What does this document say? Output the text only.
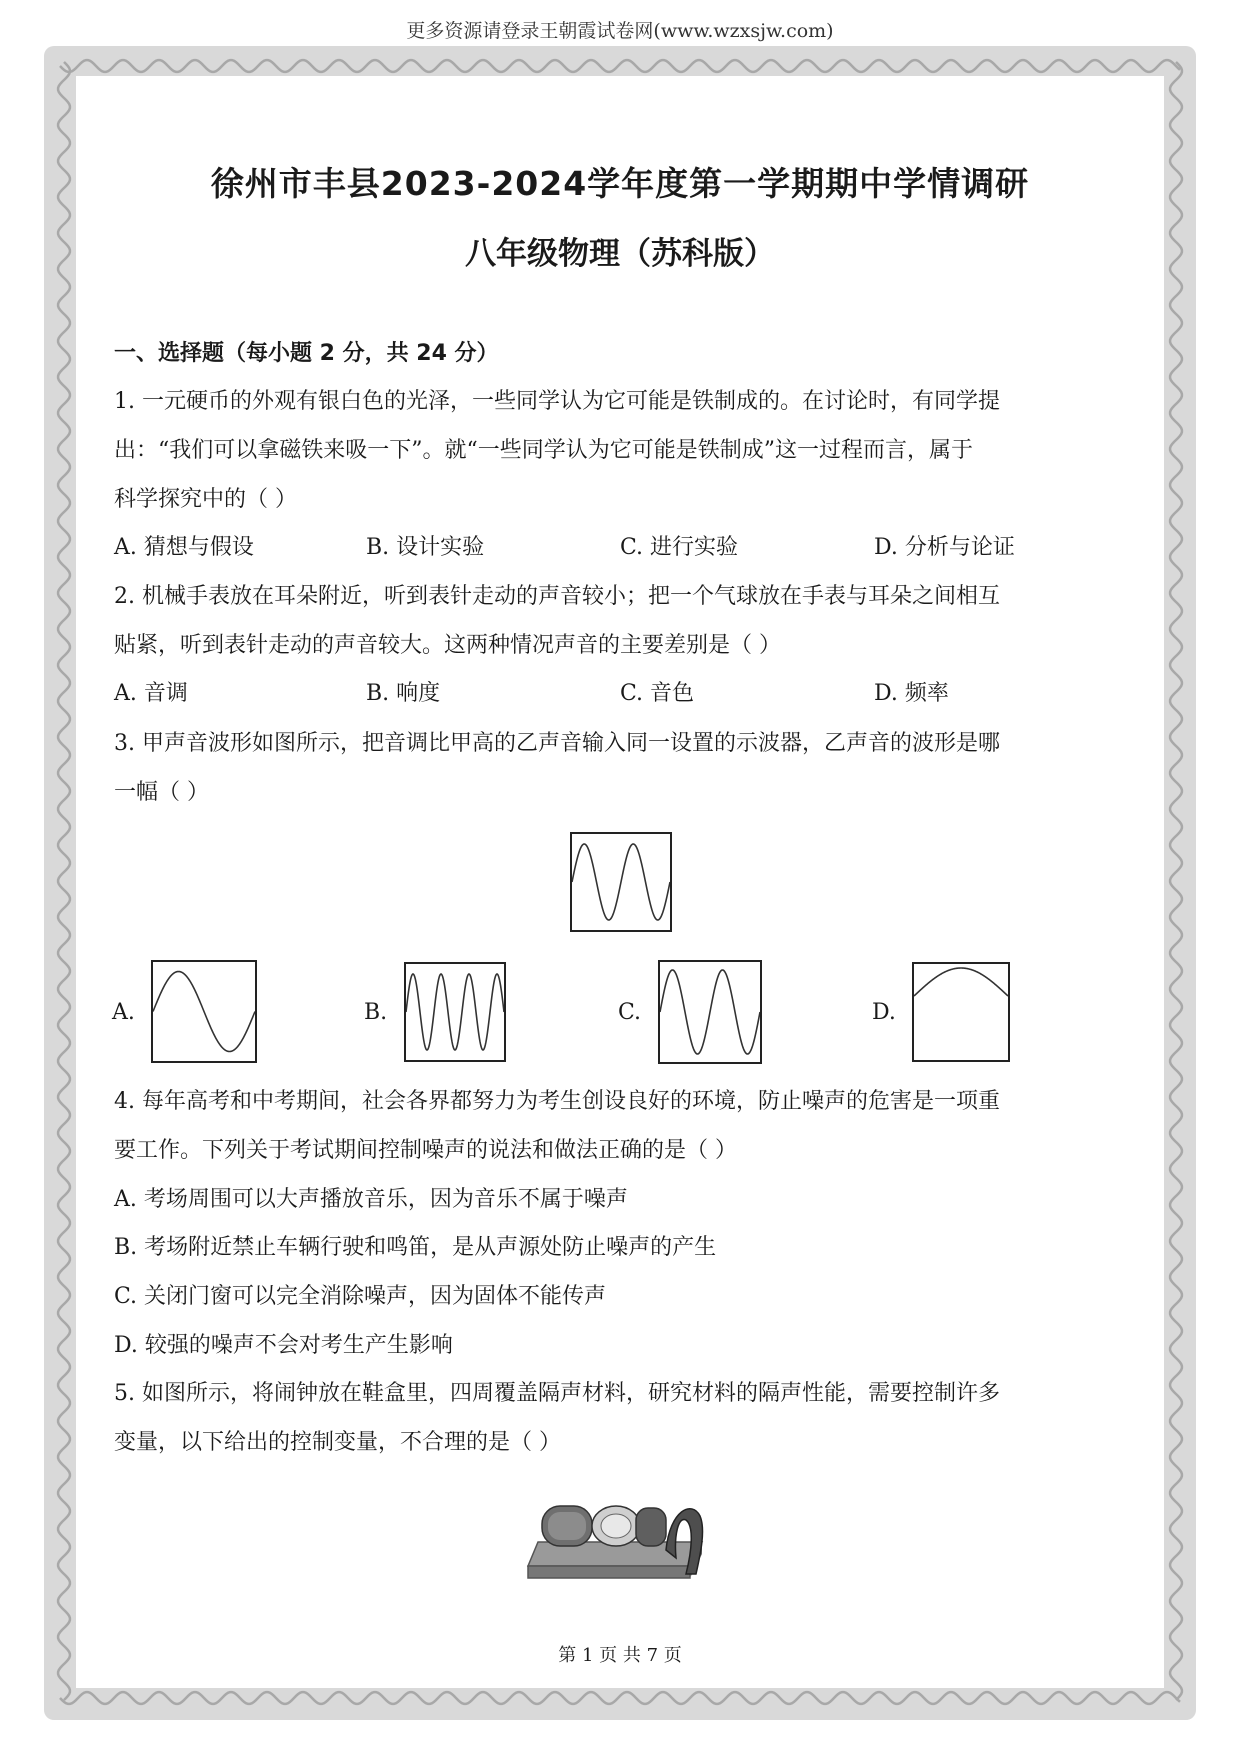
更多资源请登录王朝霞试卷网(www.wzxsjw.com)
徐州市丰县2023-2024学年度第一学期期中学情调研
八年级物理（苏科版）
一、选择题（每小题 2 分，共 24 分）
1. 一元硬币的外观有银白色的光泽，一些同学认为它可能是铁制成的。在讨论时，有同学提
出：“我们可以拿磁铁来吸一下”。就“一些同学认为它可能是铁制成”这一过程而言，属于
科学探究中的（ ）
A. 猜想与假设	B. 设计实验	C. 进行实验	D. 分析与论证
2. 机械手表放在耳朵附近，听到表针走动的声音较小；把一个气球放在手表与耳朵之间相互
贴紧，听到表针走动的声音较大。这两种情况声音的主要差别是（ ）
A. 音调	B. 响度	C. 音色	D. 频率
3. 甲声音波形如图所示，把音调比甲高的乙声音输入同一设置的示波器，乙声音的波形是哪
一幅（ ）
A.	B.	C.	D.
4. 每年高考和中考期间，社会各界都努力为考生创设良好的环境，防止噪声的危害是一项重
要工作。下列关于考试期间控制噪声的说法和做法正确的是（ ）
A. 考场周围可以大声播放音乐，因为音乐不属于噪声
B. 考场附近禁止车辆行驶和鸣笛，是从声源处防止噪声的产生
C. 关闭门窗可以完全消除噪声，因为固体不能传声
D. 较强的噪声不会对考生产生影响
5. 如图所示，将闹钟放在鞋盒里，四周覆盖隔声材料，研究材料的隔声性能，需要控制许多
变量，以下给出的控制变量，不合理的是（ ）
第 1 页 共 7 页
